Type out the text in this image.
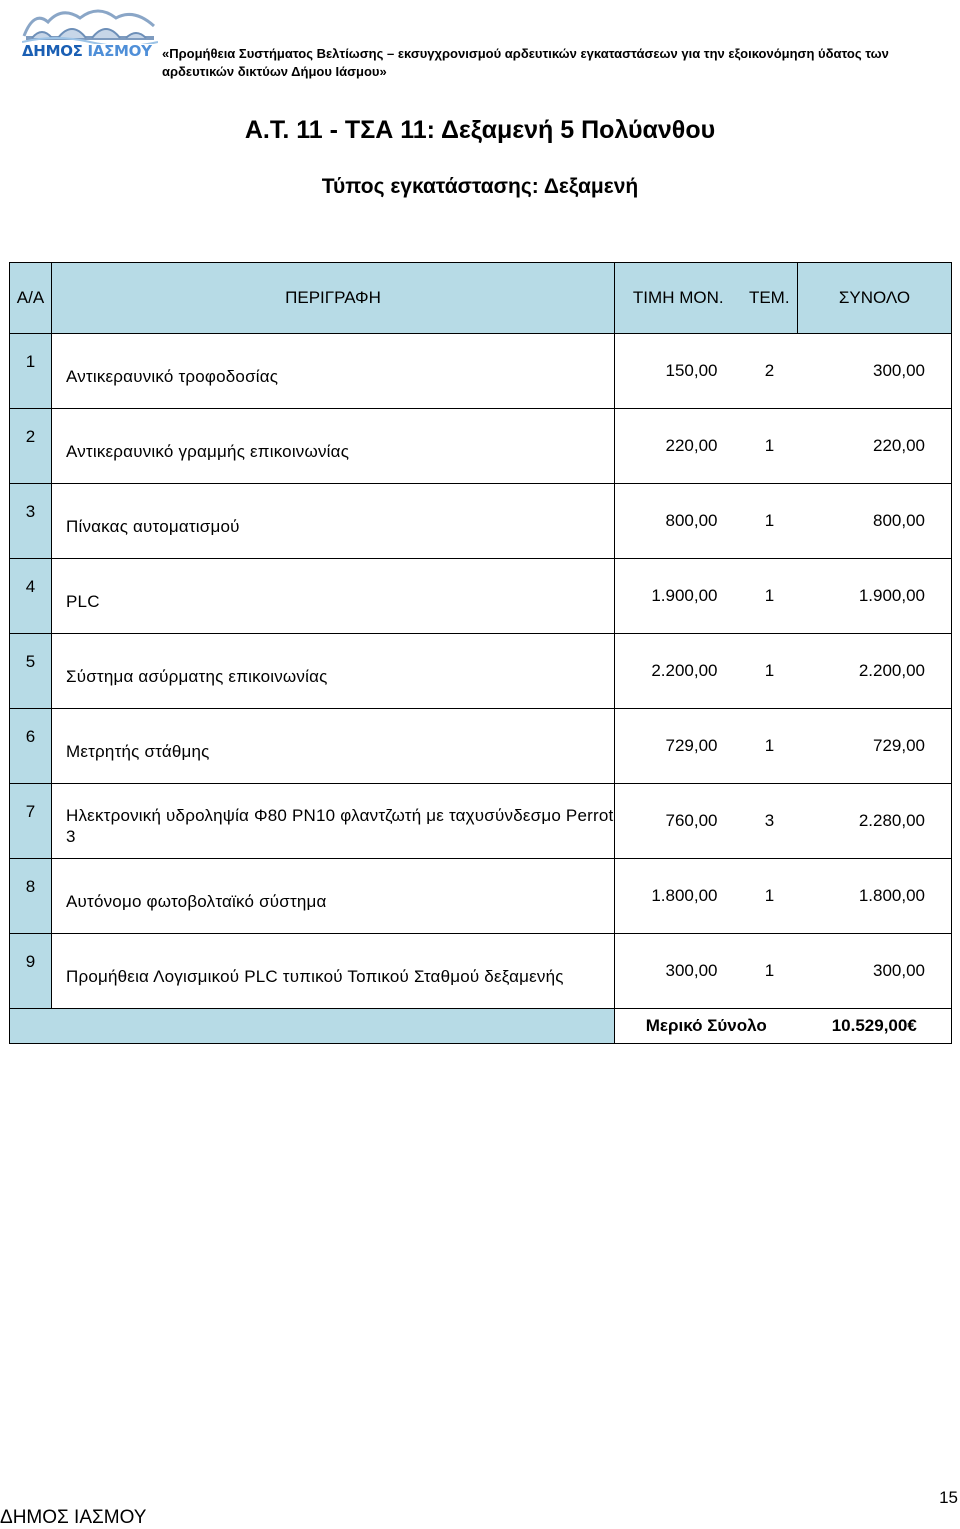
ΔΗΜΟΣ ΙΑΣΜΟΥ «Προμήθεια Συστήματος Βελτίωσης – εκσυγχρονισμού αρδευτικών εγκαταστάσεων για την εξοικονόμηση ύδατος των αρδευτικών δικτύων Δήμου Ιάσμου»
Α.Τ. 11 - ΤΣΑ 11: Δεξαμενή 5 Πολύανθου
Τύπος εγκατάστασης: Δεξαμενή
Α/Α	ΠΕΡΙΓΡΑΦΗ	ΤΙΜΗ ΜΟΝ.	ΤΕΜ.	ΣΥΝΟΛΟ
1	Αντικεραυνικό τροφοδοσίας	150,00	2	300,00
2	Αντικεραυνικό γραμμής επικοινωνίας	220,00	1	220,00
3	Πίνακας αυτοματισμού	800,00	1	800,00
4	PLC	1.900,00	1	1.900,00
5	Σύστημα ασύρματης επικοινωνίας	2.200,00	1	2.200,00
6	Μετρητής στάθμης	729,00	1	729,00
7	Ηλεκτρονική υδροληψία Φ80 ΡΝ10 φλαντζωτή με ταχυσύνδεσμο Perrot 3	760,00	3	2.280,00
8	Αυτόνομο φωτοβολταϊκό σύστημα	1.800,00	1	1.800,00
9	Προμήθεια Λογισμικού PLC τυπικού Τοπικού Σταθμού δεξαμενής	300,00	1	300,00
		Μερικό Σύνολο		10.529,00€
ΔΗΜΟΣ ΙΑΣΜΟΥ
15
